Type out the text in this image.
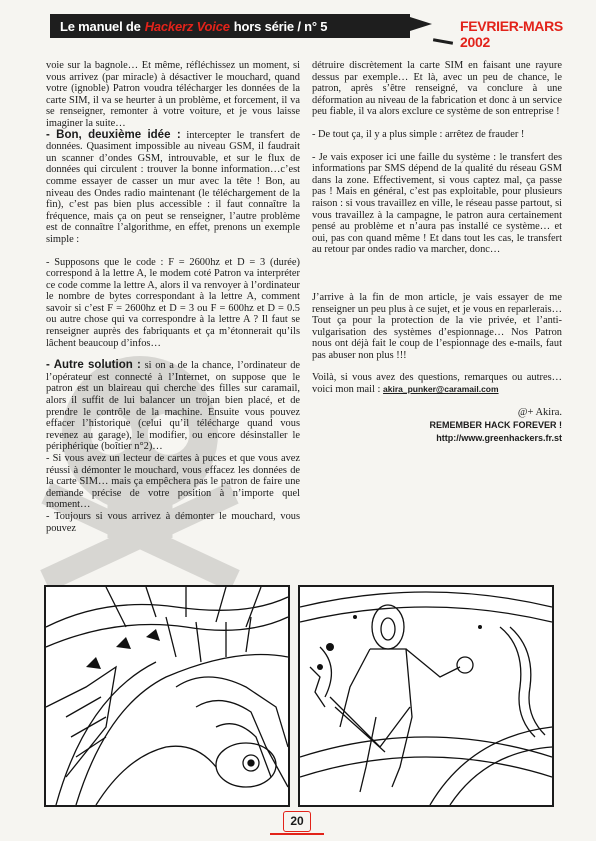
Le manuel de Hackerz Voice hors série / n° 5	FEVRIER-MARS 2002

voie sur la bagnole… Et même, réfléchissez un moment, si vous arrivez (par miracle) à désactiver le mouchard, quand votre (ignoble) Patron voudra télécharger les données de la carte SIM, il va se heurter à un problème, et forcement, il va se renseigner, remonter à votre voiture, et je vous laisse imaginer la suite…

- Bon, deuxième idée : intercepter le transfert de données. Quasiment impossible au niveau GSM, il faudrait un scanner d’ondes GSM, introuvable, et sur le flux de données qui circulent : trouver la bonne information…c’est comme essayer de casser un mur avec la tête ! Bon, au niveau des Ondes radio maintenant (le téléchargement de la fin), c’est pas bien plus accessible : il faut connaître la fréquence, mais ça on peut se renseigner, l’autre problème est de connaître l’algorithme, en effet, prenons un exemple simple :

- Supposons que le code : F = 2600hz et D = 3 (durée) correspond à la lettre A, le modem coté Patron va interpréter ce code comme la lettre A, alors il va renvoyer à l’ordinateur le nombre de bytes correspondant à la lettre A, comment savoir si c’est F = 2600hz et D = 3 ou F = 600hz et D = 0.5 ou autre chose qui va correspondre à la lettre A ? Il faut se renseigner auprès des fabriquants et ça m’étonnerait qu’ils lâchent beaucoup d’infos…

- Autre solution : si on a de la chance, l’ordinateur de l’opérateur est connecté à l’Internet, on suppose que le patron est un blaireau qui cherche des filles sur caramail, alors il suffit de lui balancer un trojan bien placé, et de prendre le contrôle de la machine. Ensuite vous pouvez effacer l’historique (celui qu’il télécharge quand vous revenez au garage), le modifier, ou encore désinstaller le périphérique (boîtier n°2)…

- Si vous avez un lecteur de cartes à puces et que vous avez réussi à démonter le mouchard, vous effacez les données de la carte SIM… mais ça empêchera pas le patron de faire une demande précise de votre position à n’importe quel moment…

- Toujours si vous arrivez à démonter le mouchard, vous pouvez

détruire discrètement la carte SIM en faisant une rayure dessus par exemple… Et là, avec un peu de chance, le patron, après s’être renseigné, va conclure à une déformation au niveau de la fabrication et donc à un service peu fiable, il va alors exclure ce système de son entreprise !

- De tout ça, il y a plus simple : arrêtez de frauder !

- Je vais exposer ici une faille du système : le transfert des informations par SMS dépend de la qualité du réseau GSM dans la zone. Effectivement, si vous captez mal, ça passe pas ! Mais en général, c’est pas exploitable, pour plusieurs raison : si vous travaillez en ville, le réseau passe partout, si vous travaillez à la campagne, le patron aura certainement pensé au problème et n’aura pas installé ce système… et oui, pas con quand même ! Et dans tout les cas, le transfert au retour par ondes radio va marcher, donc…

J’arrive à la fin de mon article, je vais essayer de me renseigner un peu plus à ce sujet, et je vous en reparlerais… Tout ça pour la protection de la vie privée, et l’anti-vulgarisation des systèmes d’espionnage… Nos Patron nous ont déjà fait le coup de l’espionnage des e-mails, faut pas abuser non plus !!!

Voilà, si vous avez des questions, remarques ou autres… voici mon mail : akira_punker@caramail.com

@+ Akira.
REMEMBER HACK FOREVER !
http://www.greenhackers.fr.st
20
